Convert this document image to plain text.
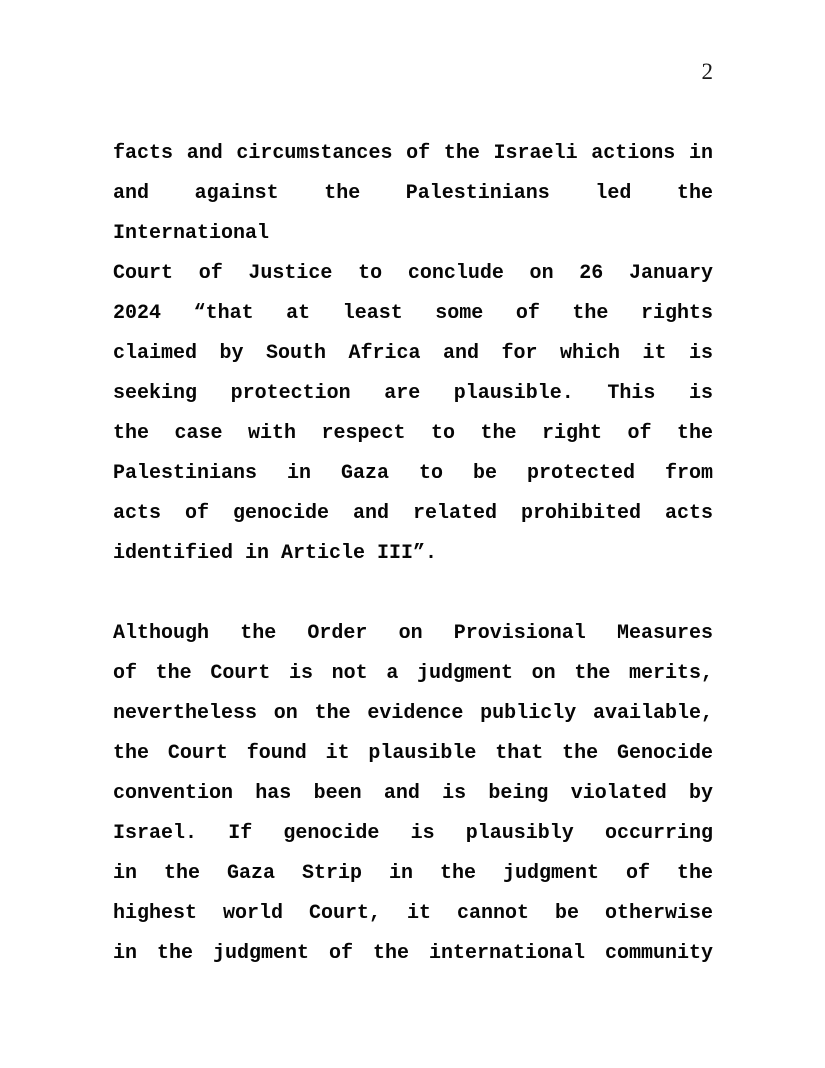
2
facts and circumstances of the Israeli actions in
and against the Palestinians led the International
Court of Justice to conclude on 26 January
2024 “that at least some of the rights
claimed by South Africa and for which it is
seeking protection are plausible. This is
the case with respect to the right of the
Palestinians in Gaza to be protected from
acts of genocide and related prohibited acts
identified in Article III”.
Although the Order on Provisional Measures
of the Court is not a judgment on the merits,
nevertheless on the evidence publicly available,
the Court found it plausible that the Genocide
convention has been and is being violated by
Israel. If genocide is plausibly occurring
in the Gaza Strip in the judgment of the
highest world Court, it cannot be otherwise
in the judgment of the international community
